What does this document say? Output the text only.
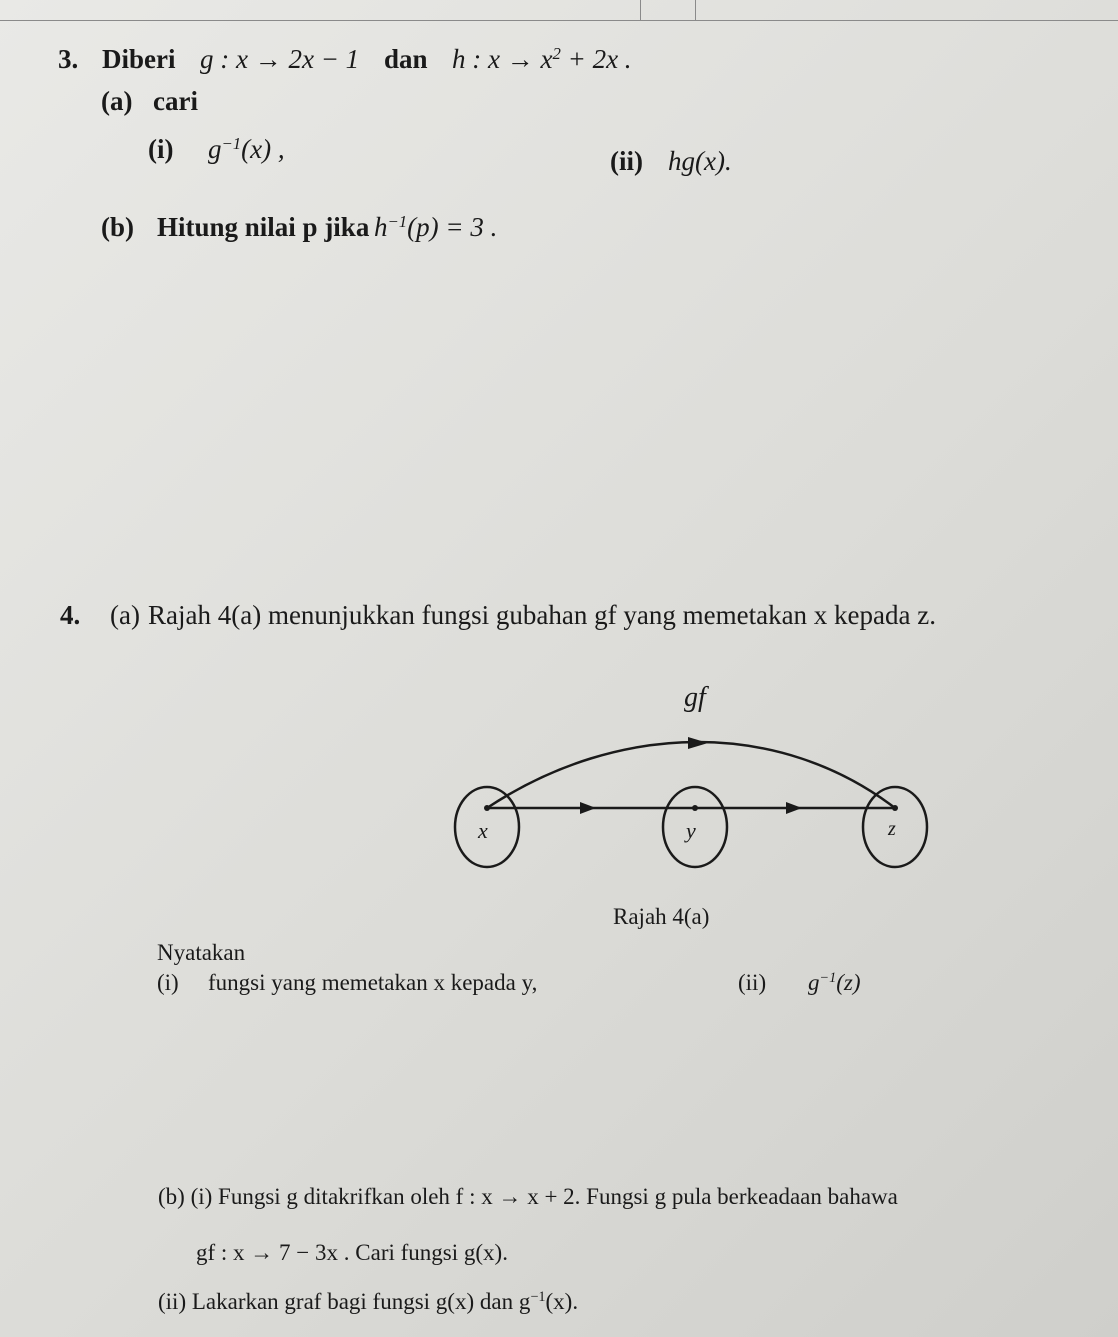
3. Diberi g : x → 2x − 1 dan h : $x \to x^2 + 2x$ .
(a) cari
(i) $g^{-1}(x)$ ,	(ii) hg(x).
(b) Hitung nilai p jika $h^{-1}(p) = 3$ .
4. (a) Rajah 4(a) menunjukkan fungsi gubahan gf yang memetakan x kepada z.
gf
x	y	z
Rajah 4(a)
Nyatakan
(i) fungsi yang memetakan x kepada y,	(ii) $g^{-1}(z)$
(b) (i) Fungsi g ditakrifkan oleh f : x → x + 2. Fungsi g pula berkeadaan bahawa
gf : x → 7 − 3x . Cari fungsi g(x).
(ii) Lakarkan graf bagi fungsi g(x) dan $g^{-1}(x)$.
